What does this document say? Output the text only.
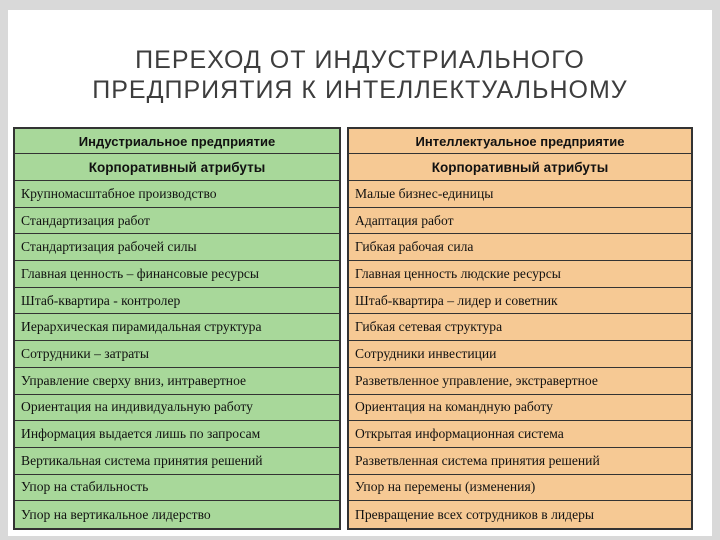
ПЕРЕХОД ОТ ИНДУСТРИАЛЬНОГО
ПРЕДПРИЯТИЯ К ИНТЕЛЛЕКТУАЛЬНОМУ
Индустриальное предприятие
Корпоративный атрибуты
Крупномасштабное производство
Стандартизация работ
Стандартизация рабочей силы
Главная ценность – финансовые ресурсы
Штаб-квартира - контролер
Иерархическая пирамидальная структура
Сотрудники – затраты
Управление сверху вниз, интравертное
Ориентация на индивидуальную работу
Информация выдается лишь по запросам
Вертикальная система принятия решений
Упор на стабильность
Упор на вертикальное лидерство
Интеллектуальное предприятие
Корпоративный атрибуты
Малые бизнес-единицы
Адаптация работ
Гибкая рабочая сила
Главная ценность людские ресурсы
Штаб-квартира – лидер и советник
Гибкая сетевая структура
Сотрудники инвестиции
Разветвленное управление, экстравертное
Ориентация на командную работу
Открытая информационная система
Разветвленная система принятия решений
Упор на перемены (изменения)
Превращение всех сотрудников в лидеры
